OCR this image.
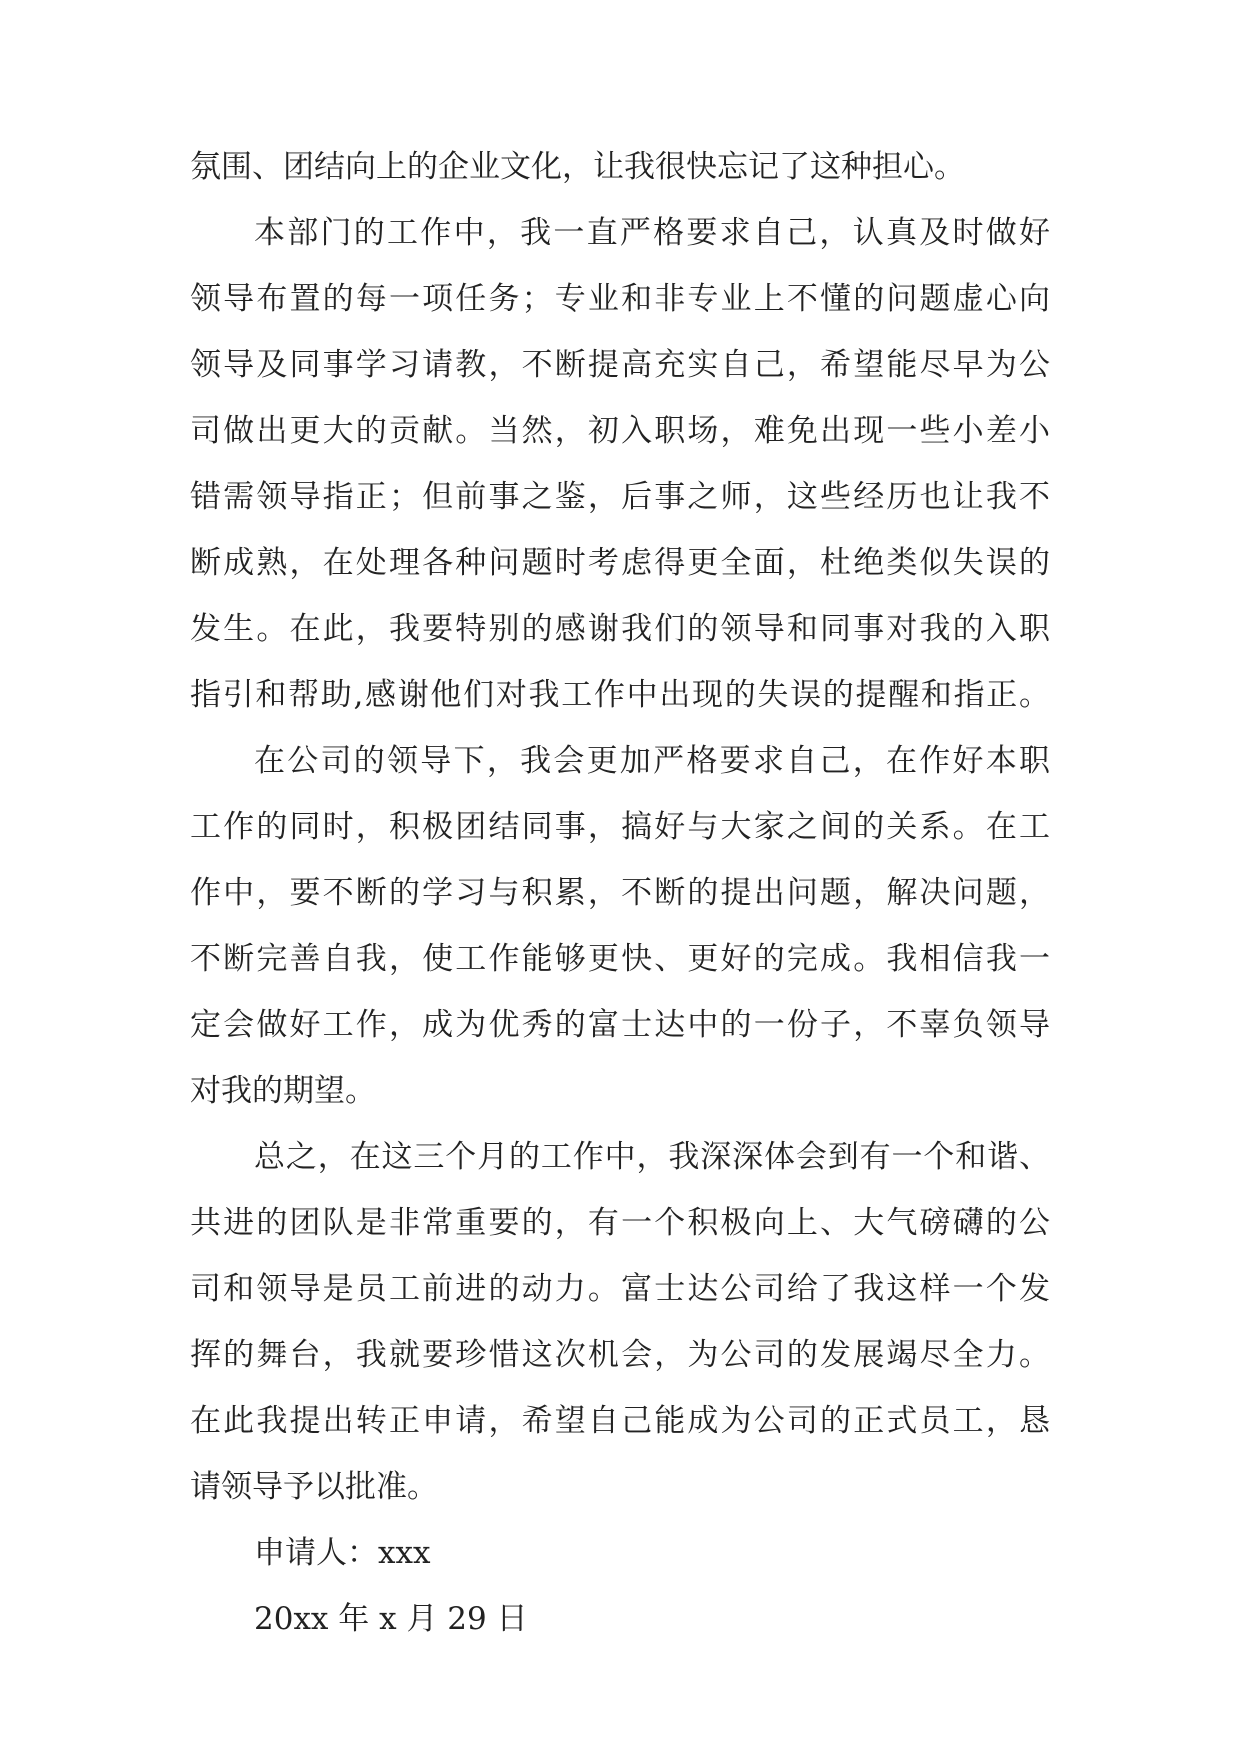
氛围、团结向上的企业文化，让我很快忘记了这种担心。
本部门的工作中，我一直严格要求自己，认真及时做好
领导布置的每一项任务；专业和非专业上不懂的问题虚心向
领导及同事学习请教，不断提高充实自己，希望能尽早为公
司做出更大的贡献。当然，初入职场，难免出现一些小差小
错需领导指正；但前事之鉴，后事之师，这些经历也让我不
断成熟，在处理各种问题时考虑得更全面，杜绝类似失误的
发生。在此，我要特别的感谢我们的领导和同事对我的入职
指引和帮助,感谢他们对我工作中出现的失误的提醒和指正。
在公司的领导下，我会更加严格要求自己，在作好本职
工作的同时，积极团结同事，搞好与大家之间的关系。在工
作中，要不断的学习与积累，不断的提出问题，解决问题，
不断完善自我，使工作能够更快、更好的完成。我相信我一
定会做好工作，成为优秀的富士达中的一份子，不辜负领导
对我的期望。
总之，在这三个月的工作中，我深深体会到有一个和谐、
共进的团队是非常重要的，有一个积极向上、大气磅礴的公
司和领导是员工前进的动力。富士达公司给了我这样一个发
挥的舞台，我就要珍惜这次机会，为公司的发展竭尽全力。
在此我提出转正申请，希望自己能成为公司的正式员工，恳
请领导予以批准。
申请人：xxx
20xx 年 x 月 29 日
